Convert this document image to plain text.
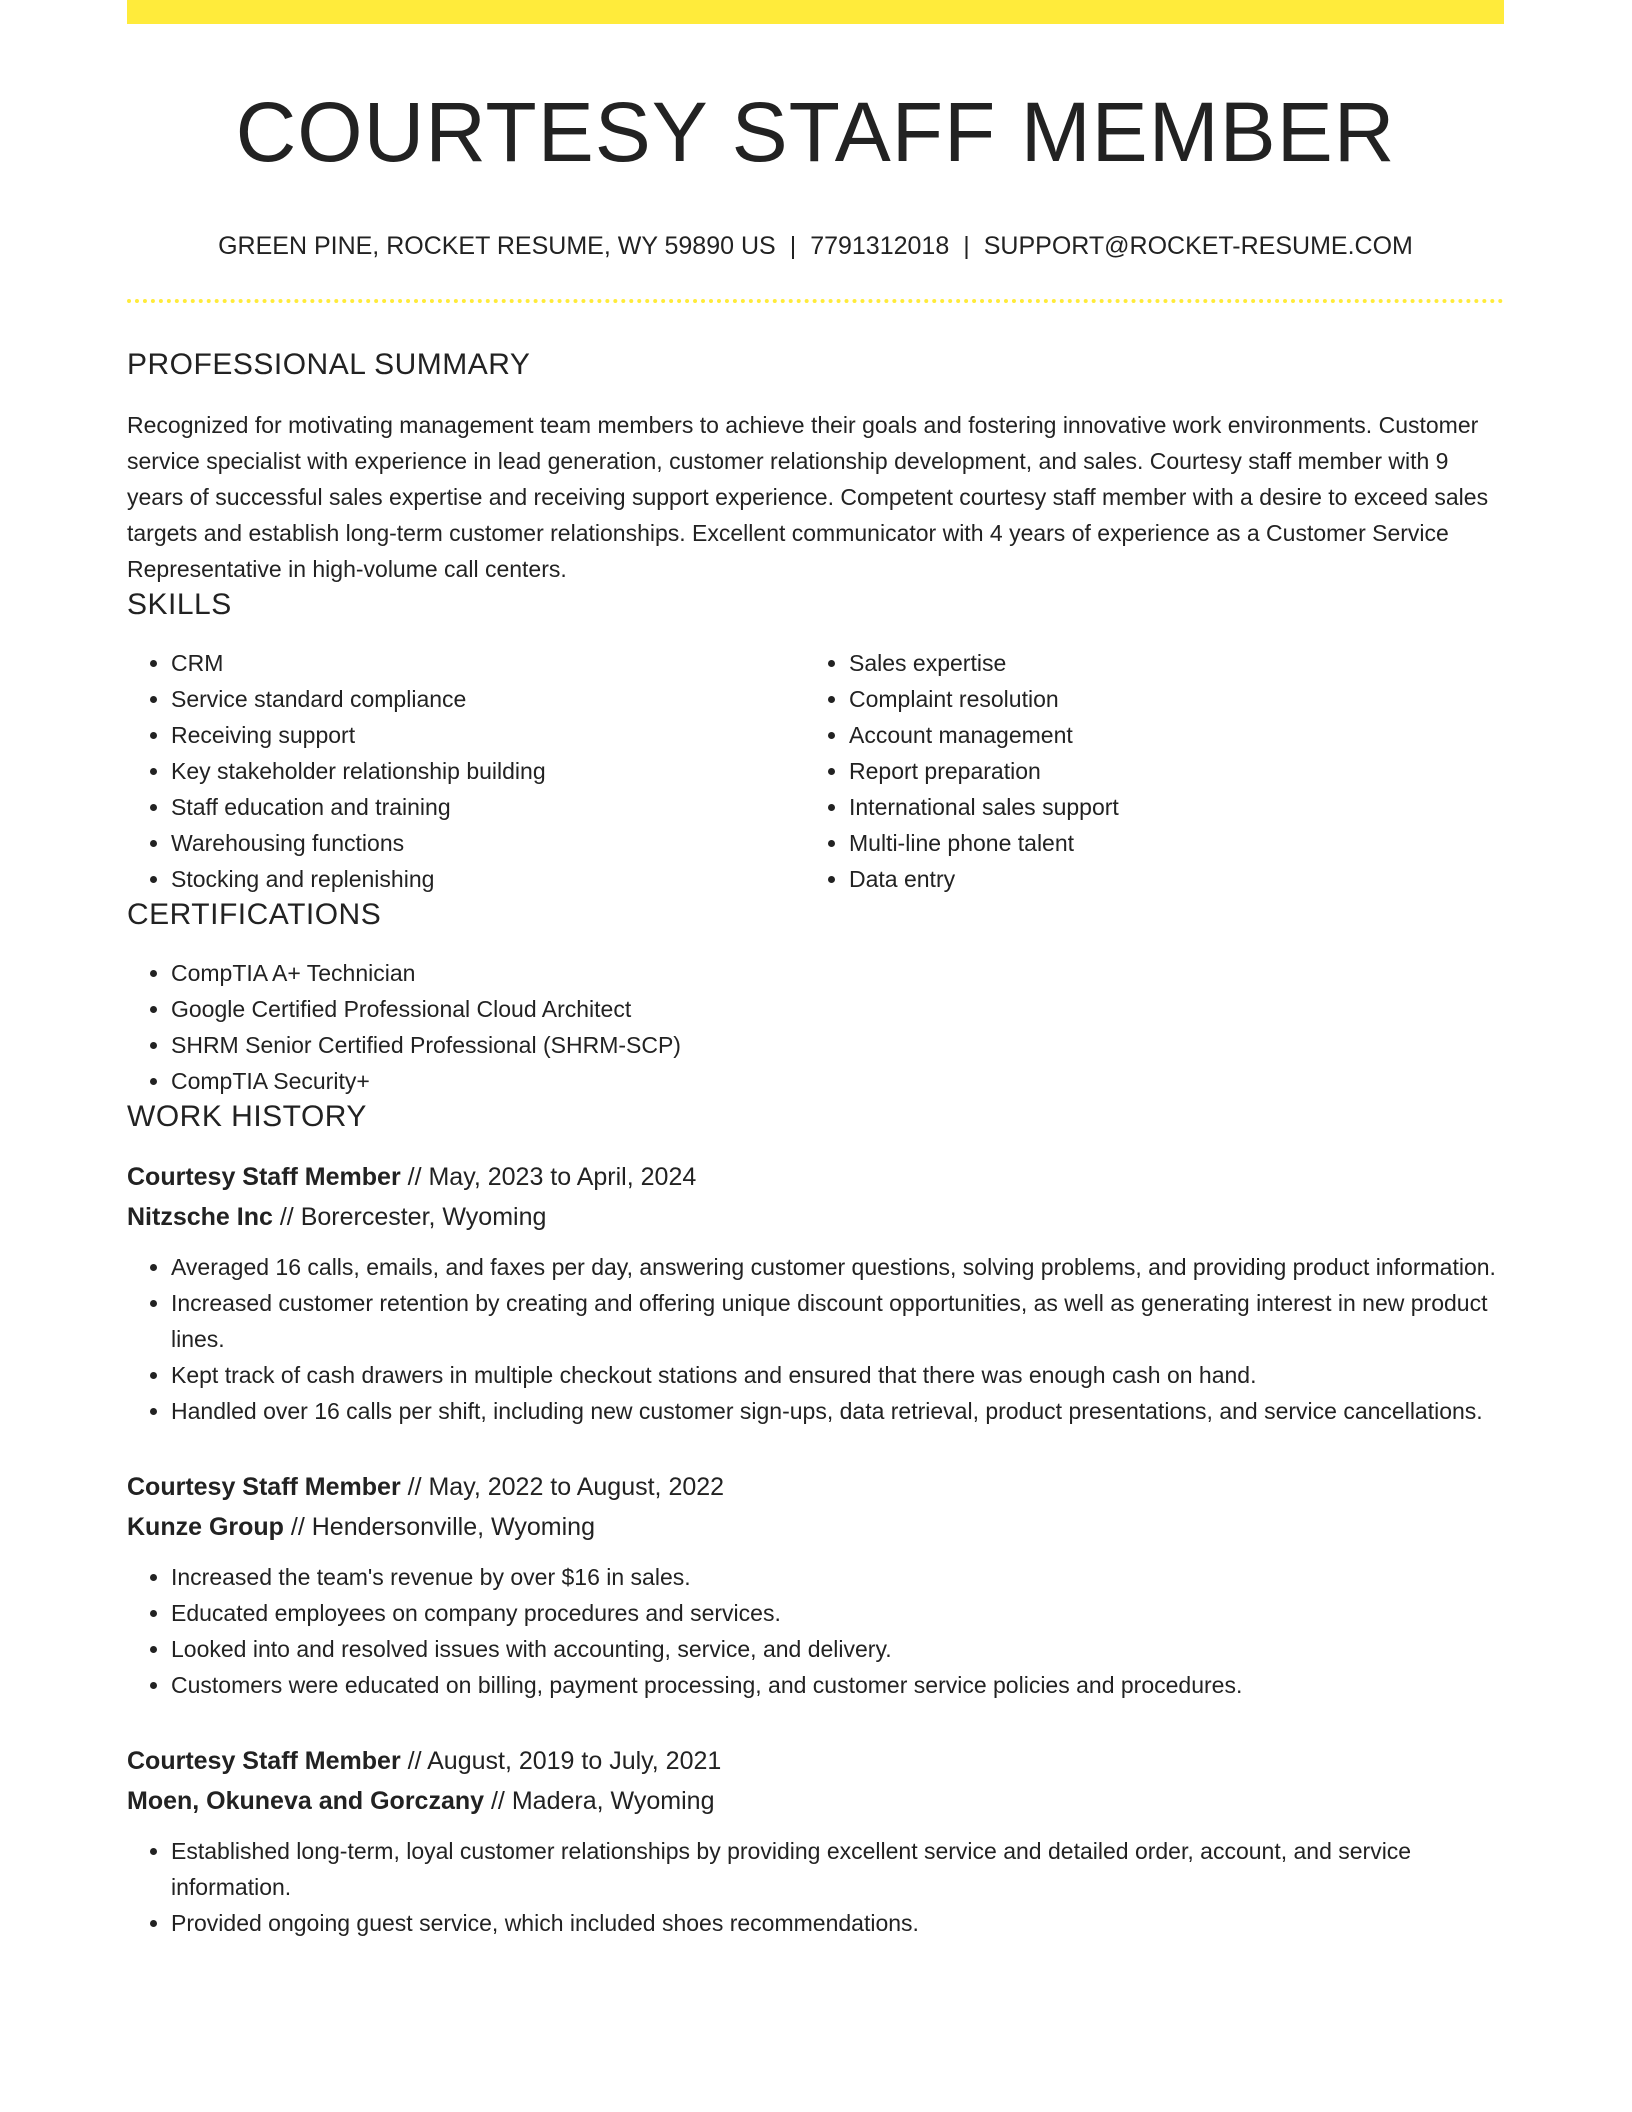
COURTESY STAFF MEMBER
GREEN PINE, ROCKET RESUME, WY 59890 US | 7791312018 | SUPPORT@ROCKET-RESUME.COM
PROFESSIONAL SUMMARY

Recognized for motivating management team members to achieve their goals and fostering innovative work environments. Customer service specialist with experience in lead generation, customer relationship development, and sales. Courtesy staff member with 9 years of successful sales expertise and receiving support experience. Competent courtesy staff member with a desire to exceed sales targets and establish long-term customer relationships. Excellent communicator with 4 years of experience as a Customer Service Representative in high-volume call centers.

SKILLS
• CRM
• Service standard compliance
• Receiving support
• Key stakeholder relationship building
• Staff education and training
• Warehousing functions
• Stocking and replenishing
• Sales expertise
• Complaint resolution
• Account management
• Report preparation
• International sales support
• Multi-line phone talent
• Data entry
CERTIFICATIONS
• CompTIA A+ Technician
• Google Certified Professional Cloud Architect
• SHRM Senior Certified Professional (SHRM-SCP)
• CompTIA Security+
WORK HISTORY
Courtesy Staff Member // May, 2023 to April, 2024
Nitzsche Inc // Borercester, Wyoming
• Averaged 16 calls, emails, and faxes per day, answering customer questions, solving problems, and providing product information.
• Increased customer retention by creating and offering unique discount opportunities, as well as generating interest in new product lines.
• Kept track of cash drawers in multiple checkout stations and ensured that there was enough cash on hand.
• Handled over 16 calls per shift, including new customer sign-ups, data retrieval, product presentations, and service cancellations.
Courtesy Staff Member // May, 2022 to August, 2022
Kunze Group // Hendersonville, Wyoming
• Increased the team's revenue by over $16 in sales.
• Educated employees on company procedures and services.
• Looked into and resolved issues with accounting, service, and delivery.
• Customers were educated on billing, payment processing, and customer service policies and procedures.
Courtesy Staff Member // August, 2019 to July, 2021
Moen, Okuneva and Gorczany // Madera, Wyoming
• Established long-term, loyal customer relationships by providing excellent service and detailed order, account, and service information.
• Provided ongoing guest service, which included shoes recommendations.
